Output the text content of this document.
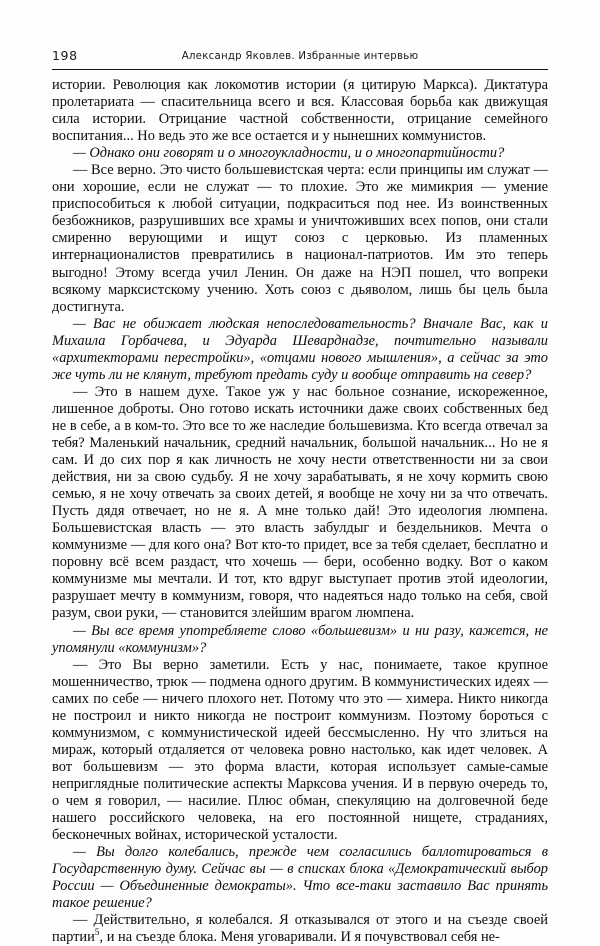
198	Александр Яковлев. Избранные интервью

истории. Революция как локомотив истории (я цитирую Маркса). Диктатура пролетариата — спасительница всего и вся. Классовая борьба как движущая сила истории. Отрицание частной собственности, отрицание семейного воспитания... Но ведь это же все остается и у нынешних коммунистов.

— Однако они говорят и о многоукладности, и о многопартийности?

— Все верно. Это чисто большевистская черта: если принципы им служат — они хорошие, если не служат — то плохие. Это же мимикрия — умение приспособиться к любой ситуации, подкраситься под нее. Из воинственных безбожников, разрушивших все храмы и уничтоживших всех попов, они стали смиренно верующими и ищут союз с церковью. Из пламенных интернационалистов превратились в национал-патриотов. Им это теперь выгодно! Этому всегда учил Ленин. Он даже на НЭП пошел, что вопреки всякому марксистскому учению. Хоть союз с дьяволом, лишь бы цель была достигнута.

— Вас не обижает людская непоследовательность? Вначале Вас, как и Михаила Горбачева, и Эдуарда Шеварднадзе, почтительно называли «архитекторами перестройки», «отцами нового мышления», а сейчас за это же чуть ли не клянут, требуют предать суду и вообще отправить на север?

— Это в нашем духе. Такое уж у нас больное сознание, искореженное, лишенное доброты. Оно готово искать источники даже своих собственных бед не в себе, а в ком-то. Это все то же наследие большевизма. Кто всегда отвечал за тебя? Маленький начальник, средний начальник, большой начальник... Но не я сам. И до сих пор я как личность не хочу нести ответственности ни за свои действия, ни за свою судьбу. Я не хочу зарабатывать, я не хочу кормить свою семью, я не хочу отвечать за своих детей, я вообще не хочу ни за что отвечать. Пусть дядя отвечает, но не я. А мне только дай! Это идеология люмпена. Большевистская власть — это власть забулдыг и бездельников. Мечта о коммунизме — для кого она? Вот кто-то придет, все за тебя сделает, бесплатно и поровну всё всем раздаст, что хочешь — бери, особенно водку. Вот о каком коммунизме мы мечтали. И тот, кто вдруг выступает против этой идеологии, разрушает мечту в коммунизм, говоря, что надеяться надо только на себя, свой разум, свои руки, — становится злейшим врагом люмпена.

— Вы все время употребляете слово «большевизм» и ни разу, кажется, не упомянули «коммунизм»?

— Это Вы верно заметили. Есть у нас, понимаете, такое крупное мошенничество, трюк — подмена одного другим. В коммунистических идеях — самих по себе — ничего плохого нет. Потому что это — химера. Никто никогда не построил и никто никогда не построит коммунизм. Поэтому бороться с коммунизмом, с коммунистической идеей бессмысленно. Ну что злиться на мираж, который отдаляется от человека ровно настолько, как идет человек. А вот большевизм — это форма власти, которая использует самые-самые неприглядные политические аспекты Марксова учения. И в первую очередь то, о чем я говорил, — насилие. Плюс обман, спекуляцию на долговечной беде нашего российского человека, на его постоянной нищете, страданиях, бесконечных войнах, исторической усталости.

— Вы долго колебались, прежде чем согласились баллотироваться в Государственную думу. Сейчас вы — в списках блока «Демократический выбор России — Объединенные демократы». Что все-таки заставило Вас принять такое решение?

— Действительно, я колебался. Я отказывался от этого и на съезде своей партии$^5$, и на съезде блока. Меня уговаривали. И я почувствовал себя не-
